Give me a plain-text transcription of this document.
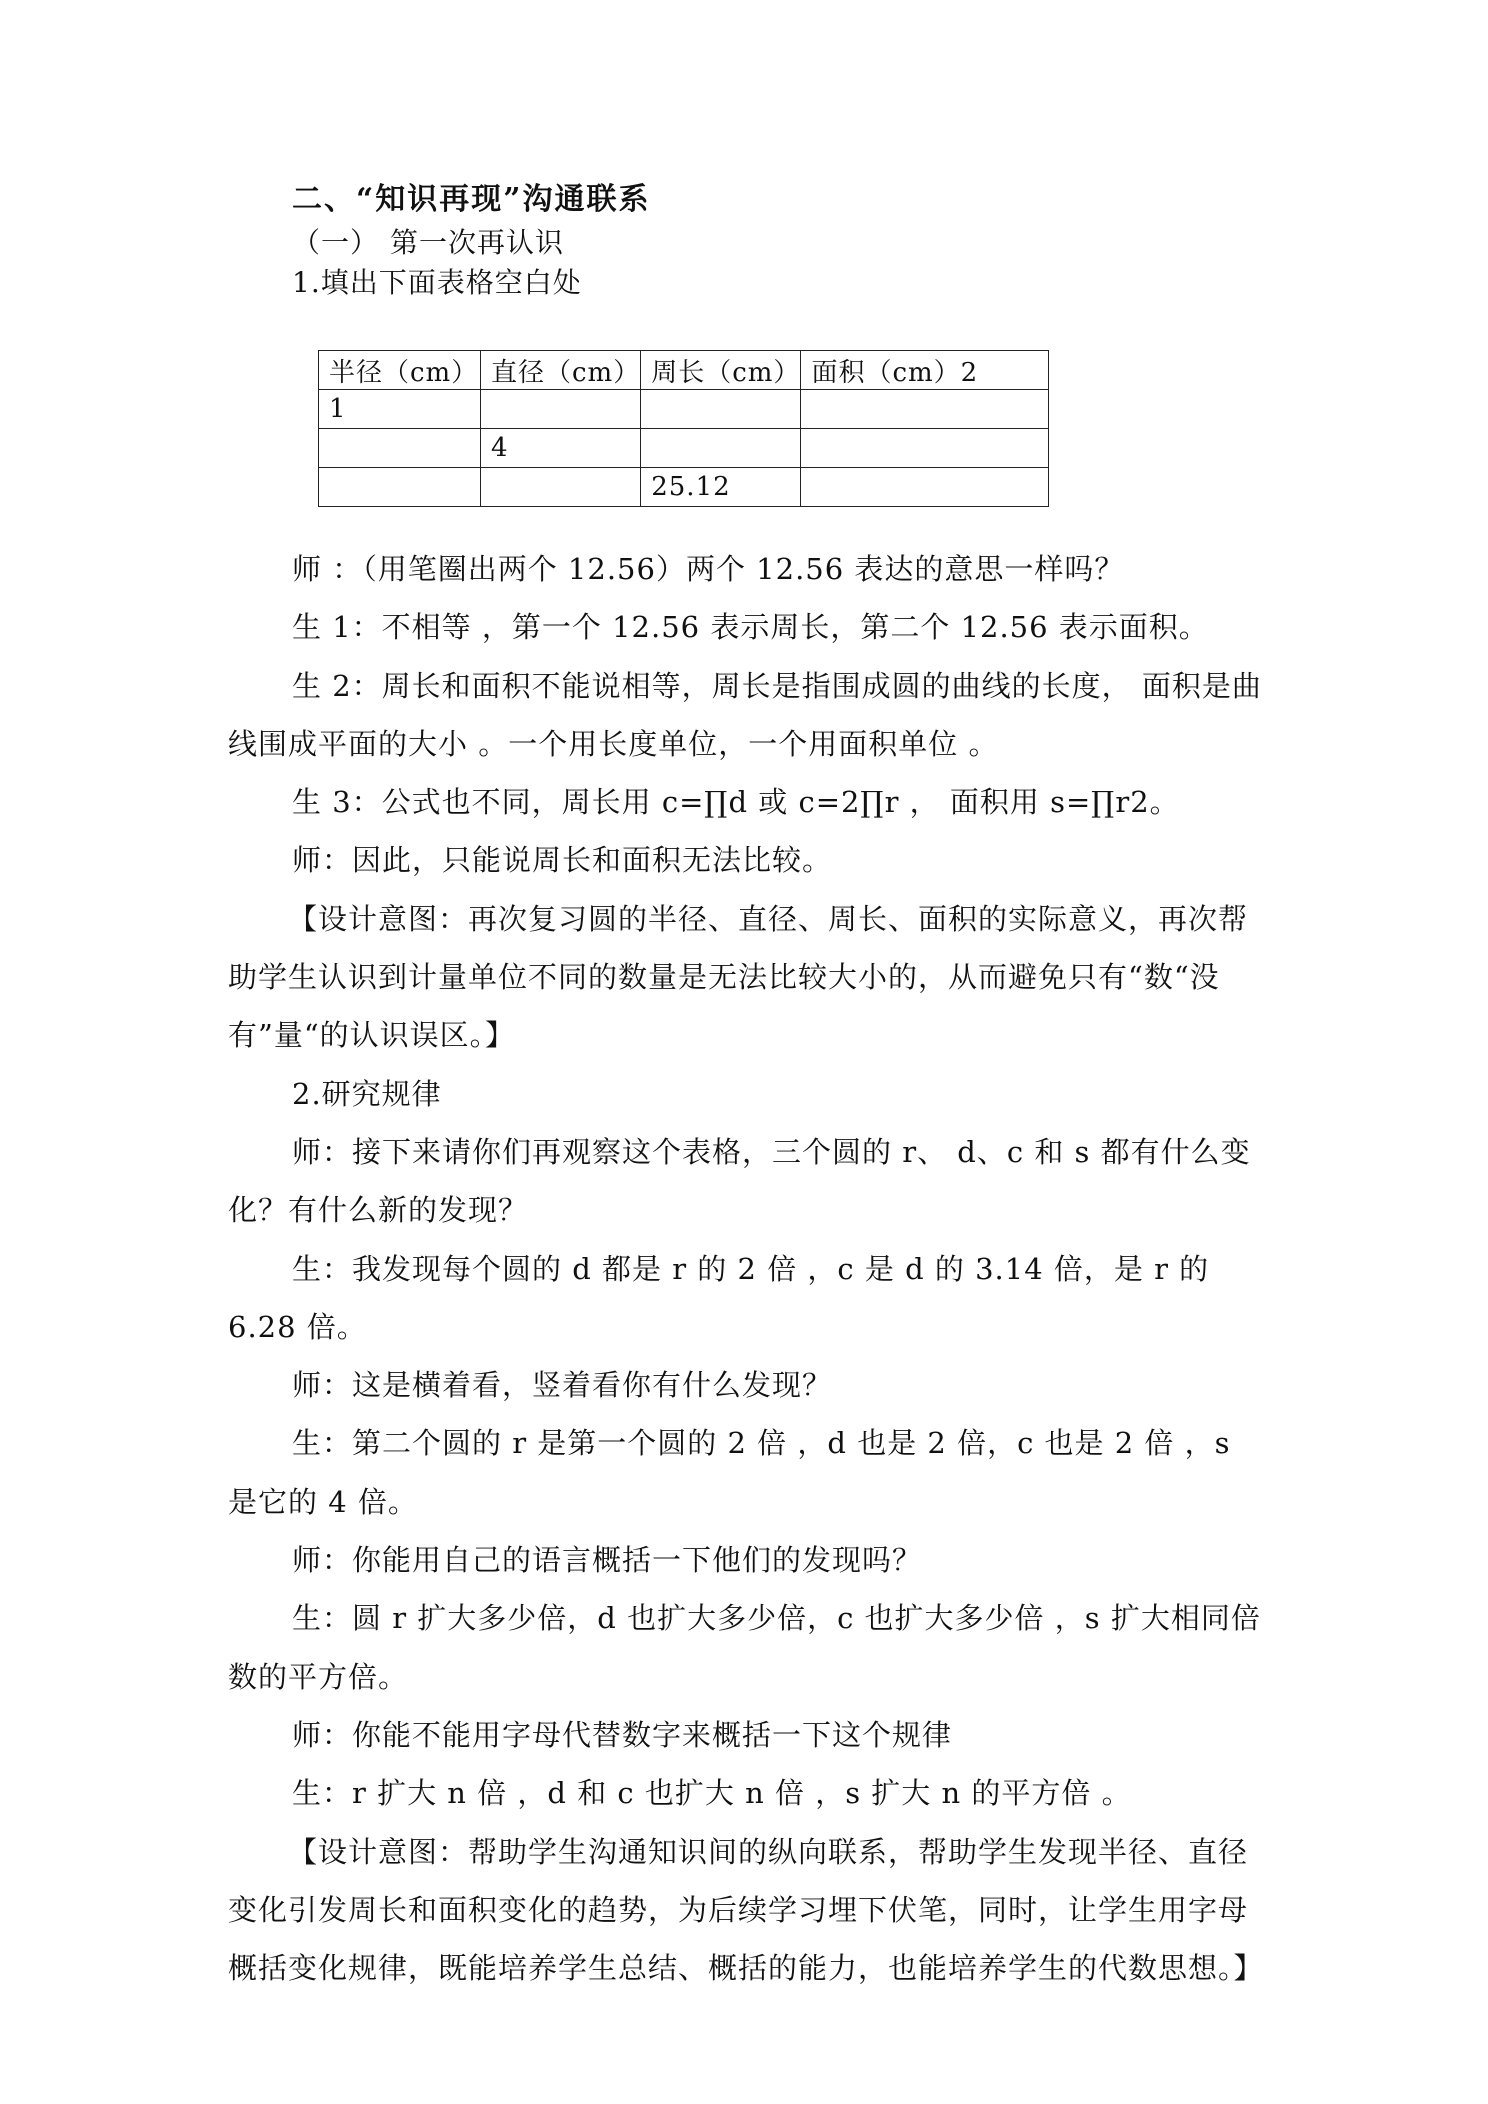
二、“知识再现”沟通联系
（一） 第一次再认识
1.填出下面表格空白处
半径（cm）	直径（cm）	周长（cm）	面积（cm）2
1			
	4		
		25.12	

师 ：（用笔圈出两个 12.56）两个 12.56 表达的意思一样吗？

生 1：不相等 ，第一个 12.56 表示周长，第二个 12.56 表示面积。

生 2：周长和面积不能说相等，周长是指围成圆的曲线的长度， 面积是曲线围成平面的大小 。一个用长度单位，一个用面积单位 。

生 3：公式也不同，周长用 c=∏d 或 c=2∏r ， 面积用 s=∏r2。

师：因此，只能说周长和面积无法比较。

【设计意图：再次复习圆的半径、直径、周长、面积的实际意义，再次帮助学生认识到计量单位不同的数量是无法比较大小的，从而避免只有“数“没有”量“的认识误区。】

2.研究规律

师：接下来请你们再观察这个表格，三个圆的 r、 d、c 和 s 都有什么变化？有什么新的发现？

生：我发现每个圆的 d 都是 r 的 2 倍 ，c 是 d 的 3.14 倍，是 r 的 6.28 倍。

师：这是横着看，竖着看你有什么发现？

生：第二个圆的 r 是第一个圆的 2 倍 ，d 也是 2 倍，c 也是 2 倍 ，s 是它的 4 倍。

师：你能用自己的语言概括一下他们的发现吗？

生：圆 r 扩大多少倍，d 也扩大多少倍，c 也扩大多少倍 ，s 扩大相同倍数的平方倍。

师：你能不能用字母代替数字来概括一下这个规律

生：r 扩大 n 倍 ，d 和 c 也扩大 n 倍 ，s 扩大 n 的平方倍 。

【设计意图：帮助学生沟通知识间的纵向联系，帮助学生发现半径、直径变化引发周长和面积变化的趋势，为后续学习埋下伏笔，同时，让学生用字母概括变化规律，既能培养学生总结、概括的能力，也能培养学生的代数思想。】
